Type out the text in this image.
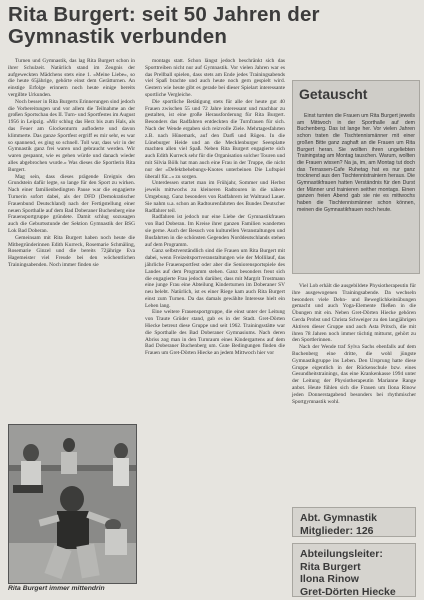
Rita Burgert: seit 50 Jahren der
Gymnastik verbunden

Turnen und Gymnastik, das lag Rita Burgert schon in ihrer Schulzeit. Natürlich stand im Zeugnis der aufgeweckten Mädchens stets eine 1. »Meine Liebe«, so die heute 65jährige, gehörte einst dem Gerätturnen. An einstige Erfolge erinnern noch heute einige bereits vergilbte Urkunden.

Noch besser in Rita Burgerts Erinnerungen sind jedoch die Vorbereitungen und vor allem die Teilnahme an der großen Sportschau des II. Turn- und Sportfestes im August 1956 in Leipzig. »Mir schlug das Herz bis zum Hals, als das Feuer am Glockenturm aufloderte und davon klimmerte. Das ganze Sportfest ergriff es mir sehr, es war so spannend, es ging so schnell. Toll war, dass wir in der Gymnastik ganz frei waren und gebraucht werden. Wir waren gespannt, wie es gehen würde und danach wieder alles abgebrochen wurde.« Was dieses die Sportlerin Rita Burgert.

Mag sein, dass dieses prägende Ereignis den Grundstein dafür legte, so lange für den Sport zu wirken. Nach einer familienbedingten Pause war die engagierte Turnerin sofort dabei, als der DFD (Demokratischer Frauenbund Deutschland) nach der Fertigstellung einer neuen Sporthalle auf dem Bad Doberaner Buchenberg eine Frauensportgruppe gründete. Damit schlug sozusagen auch die Geburtsstunde der Sektion Gymnastik der BSG Lok Bad Doberan.

Gemeinsam mit Rita Burgert haben noch heute die Mitbegründerinnen Edith Kurreck, Rosemarie Schmäling, Rosemarie Ginzel und die bereits 72jährige Eva Hagemeister viel Freude bei den wöchentlichen Trainingsabenden. Noch immer finden sie

montags statt. Schon längst jedoch beschränkt sich das Sporttreiben nicht nur auf Gymnastik. Vor vielen Jahren war es das Prellball spielen, dass stets am Ende jedes Trainingsabends viel Spaß brachte und auch heute noch gern gespielt wird. Gestern wie heute gibt es gerade bei dieser Spielart interessante sportliche Vergleiche.

Die sportliche Betätigung stets für alle der heute gut 40 Frauen zwischen 55 und 72 Jahre interessant und machbar zu gestalten, ist eine große Herausforderung für Rita Burgert. Besonders das Radfahren entdeckten die Turnfrauen für sich. Nach der Wende ergaben sich reizvolle Ziele. Mehrtagesfahrten z.B. nach Hünemark, auf den Darß und Rügen. In die Lüneburger Heide und an die Mecklenburger Seenplatte machten allen viel Spaß. Neben Rita Burgert engagierte sich auch Edith Kurreck sehr für die Organisation solcher Touren und mit Silvia Bölk hat man auch eine Frau in der Truppe, die nicht nur der »Defektbehebungs-Knotes unterbeinen Die Luftspiel überall für...« zu sorgen.

Unterdessen startet man im Frühjahr, Sommer und Herbst jeweils mittwochs zu kleineren Radtouren in die nähere Umgebung. Ganz besonders von Radfahrern ist Waltraud Lauer. Sie nahm u.a. schon an Radtourenfahrten des Bundes Deutscher Radfahrer teil.

Radfahren ist jedoch nur eine Liebe der Gymnastikfrauen von Bad Doberan. Im Kreise ihrer ganzen Familien wanderten sie gerne. Auch der Besuch von kulturellen Veranstaltungen und Busfahrten in die schönsten Gegenden Norddeutschlands stehen auf dem Programm.

Ganz selbstverständlich sind die Frauen um Rita Burgert mit dabei, wenn Freizeitsportveranstaltungen wie der Mollilauf, das jährliche Frauensportfest oder aber die Seniorensportspiele des Landes auf dem Programm stehen. Ganz besonders freut sich die engagierte Frau jedoch darüber, dass mit Margrit Trostmann eine junge Frau eine Abteilung Kinderturnen im Doberaner SV neu belebt. Natürlich, ist es einer Riege kam auch Rita Burgert einst zum Turnen. Da das damals gewählte Interesse hielt ein Leben lang.

Eine weitere Frauensportgruppe, die einst unter der Leitung von Traute Grüder stand, gab es in der Stadt. Gret-Dörten Hiecke betreut diese Gruppe und seit 1962. Trainingsstätte war die Sporthalle des Bad Doberaner Gymnasiums. Nach deren Abriss zog man in den Turnraum eines Kindergartens auf dem Bad Doberaner Buchenberg um. Gute Bedingungen finden die Frauen um Gret-Dörten Hiecke an jedem Mittwoch hier vor

Getauscht

Einst turnten die Frauen um Rita Burgert jeweils am Mittwoch in der Sporthalle auf dem Buchenberg. Das ist lange her. Vor vielen Jahren schon traten die Tischtennismänner mit einer großen Bitte ganz zaghaft an die Frauen um Rita Burgert heran. Sie wollten ihren ungeliebten Trainingstag am Montag tauschen. Warum, wollten die Frauen wissen? Na ja, im, am Montag tut doch das Terrassen-Cafe Ruhetag hat es nur ganz trocknend aus den Tischtennistrainiern heraus. Die Gymnastikfrauen hatten Verständnis für den Durst der Männer und trainieren seither montags. Einen ganzen freien Abend gab sie nie es mittwochs haben die Tischtennismänner schon können, meinen die Gymnastikfrauen noch heute.

Viel Lob erhält die ausgebildete Physiotherapeutin für ihre ausgewogenen Trainingsabende. Da wechseln besonders viele Dehn- und Beweglichkeitsübungen gemacht und auch Yoga-Elemente fließen in die Übungen mit ein. Neben Gret-Dörten Hiecke gehören Gerda Probst und Christa Schweiger zu den langjährigen Aktiven dieser Gruppe und auch Asta Pritsch, die mit ihren 78 Jahren noch immer tüchtig mitturnt, gehört zu den Sportlerinnen.

Nach der Wende traf Sylva Sachs ebenfalls auf dem Buchenberg eine dritte, die wohl jüngste Gymnastikgruppe ins Leben. Den Ursprung hatte diese Gruppe eigentlich in der Rückenschule bzw. eines Gesundheitstrainings, das eine Krankenkasse 1994 unter der Leitung der Physiotherapeutin Marianne Range anbot. Heute fühlen sich die Frauen um Ilona Rinow jeden Donnerstagabend besonders bei rhythmischer Sportgymnastik wohl.

Rita Burgert immer mittendrin
Abt. Gymnastik
Mitglieder: 126
Abteilungsleiter:
Rita Burgert
Ilona Rinow
Gret-Dörten Hiecke
